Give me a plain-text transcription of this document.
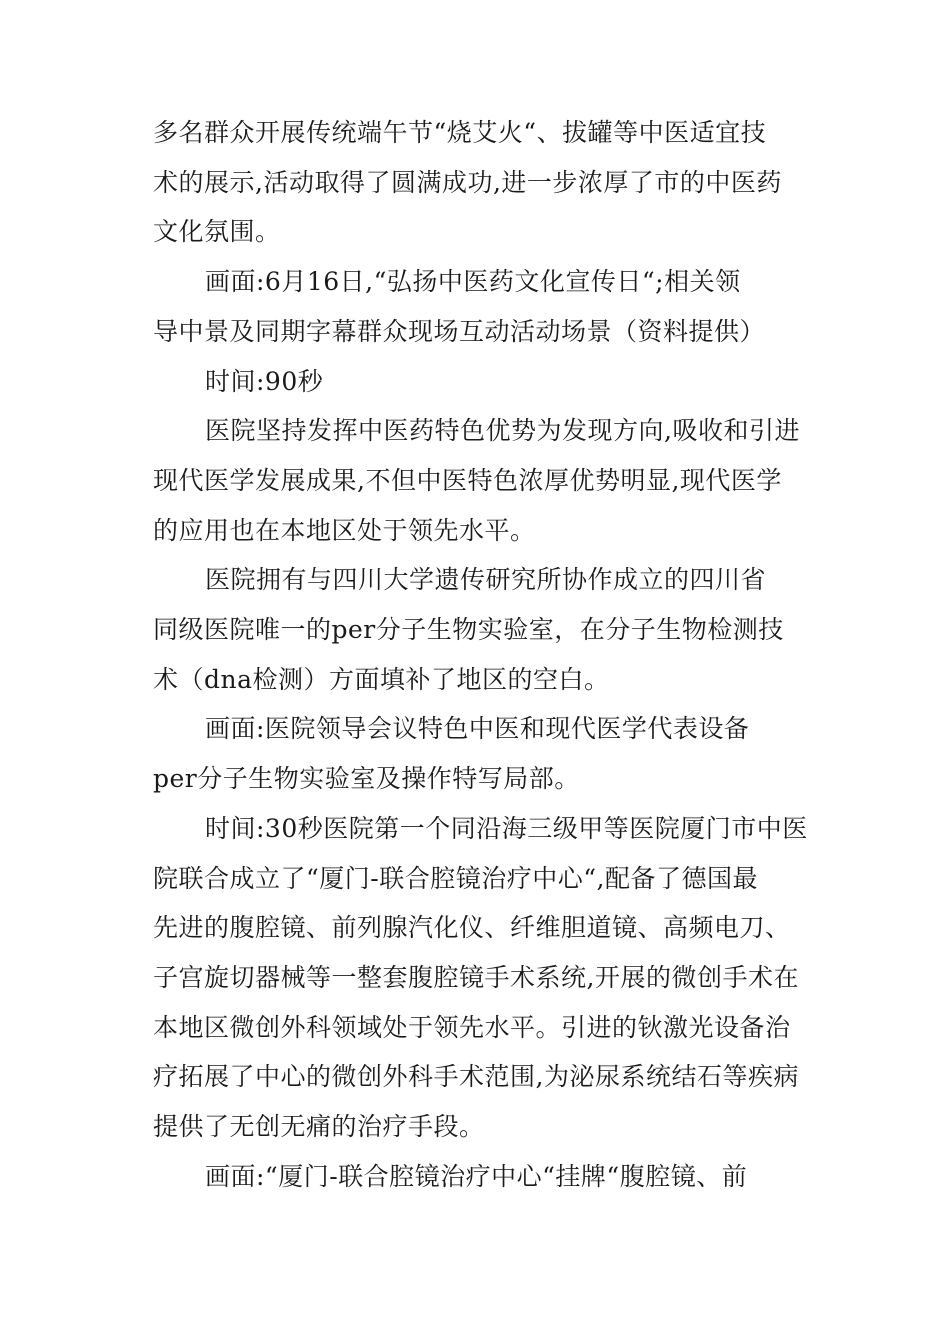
多名群众开展传统端午节“烧艾火“、拔罐等中医适宜技
术的展示,活动取得了圆满成功,进一步浓厚了市的中医药
文化氛围。
画面:6月16日,“弘扬中医药文化宣传日“;相关领
导中景及同期字幕群众现场互动活动场景（资料提供）
时间:90秒
医院坚持发挥中医药特色优势为发现方向,吸收和引进
现代医学发展成果,不但中医特色浓厚优势明显,现代医学
的应用也在本地区处于领先水平。
医院拥有与四川大学遗传研究所协作成立的四川省
同级医院唯一的per分子生物实验室，在分子生物检测技
术（dna检测）方面填补了地区的空白。
画面:医院领导会议特色中医和现代医学代表设备
per分子生物实验室及操作特写局部。
时间:30秒医院第一个同沿海三级甲等医院厦门市中医
院联合成立了“厦门-联合腔镜治疗中心“,配备了德国最
先进的腹腔镜、前列腺汽化仪、纤维胆道镜、高频电刀、
子宫旋切器械等一整套腹腔镜手术系统,开展的微创手术在
本地区微创外科领域处于领先水平。引进的钬激光设备治
疗拓展了中心的微创外科手术范围,为泌尿系统结石等疾病
提供了无创无痛的治疗手段。
画面:“厦门-联合腔镜治疗中心“挂牌“腹腔镜、前
